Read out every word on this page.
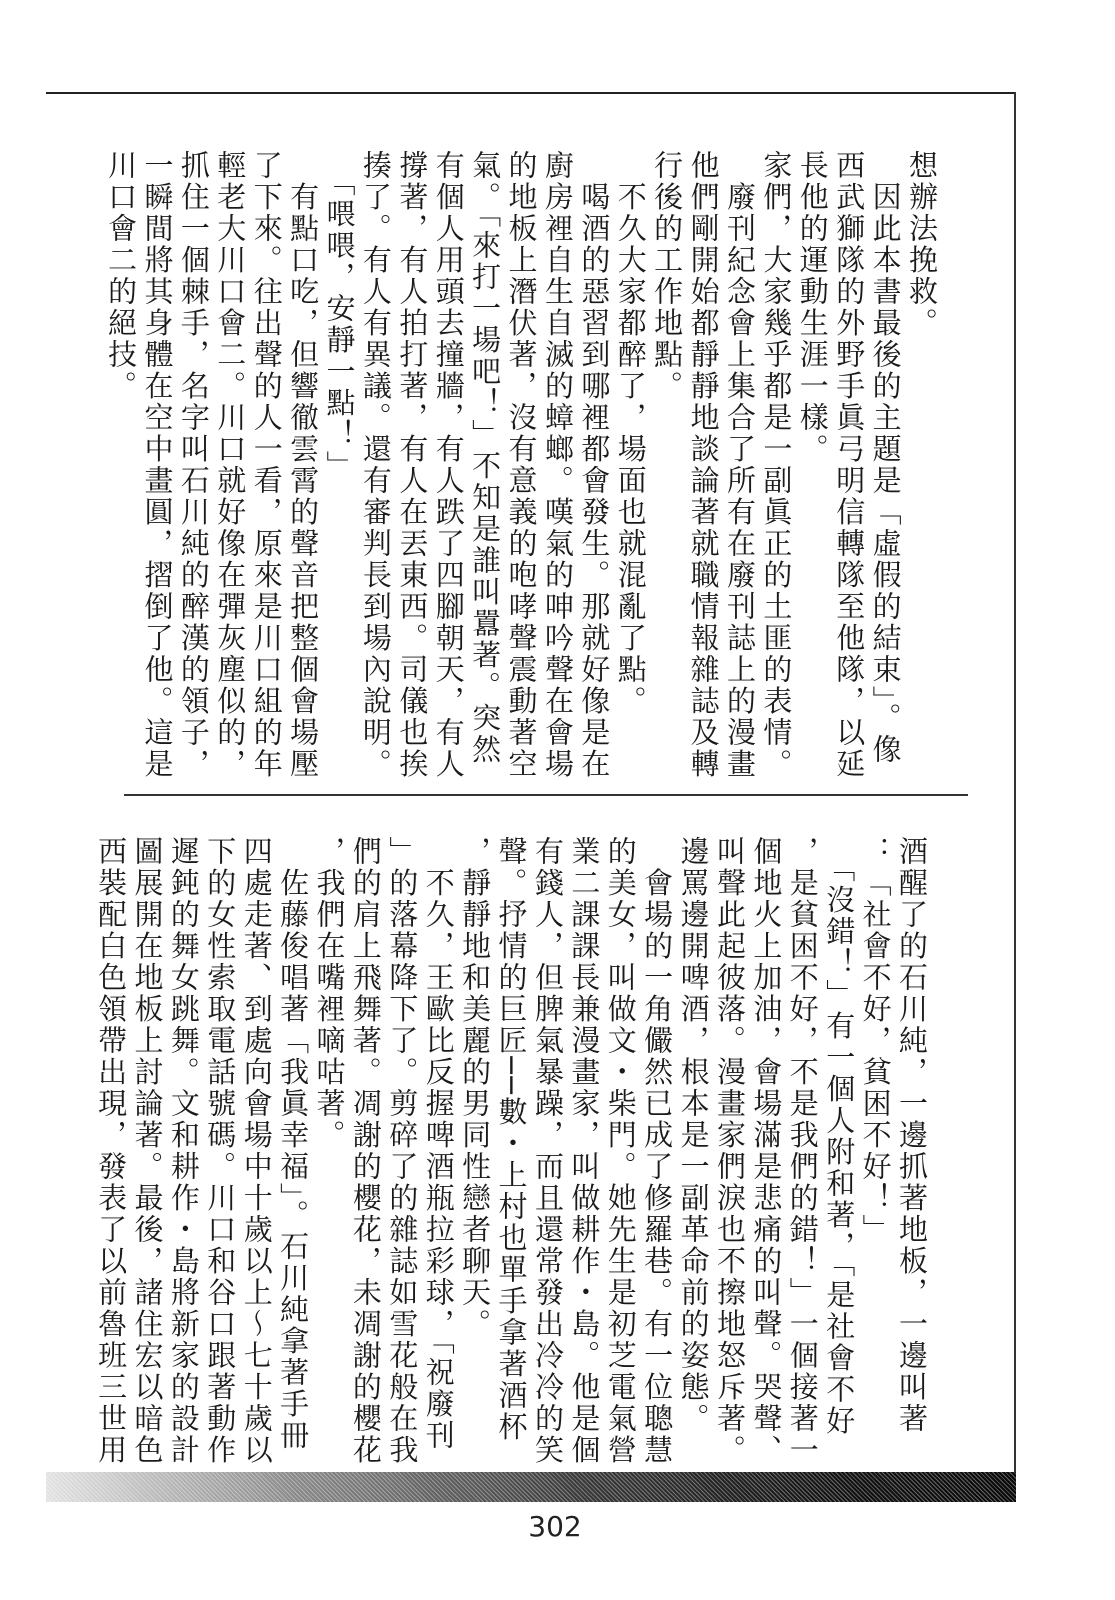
想辦法挽救。
　因此本書最後的主題是「虛假的結束」。像
西武獅隊的外野手眞弓明信轉隊至他隊，以延
長他的運動生涯一樣。
家們，大家幾乎都是一副眞正的土匪的表情。
　廢刊紀念會上集合了所有在廢刊誌上的漫畫
他們剛開始都靜靜地談論著就職情報雜誌及轉
行後的工作地點。
　不久大家都醉了，場面也就混亂了點。
　喝酒的惡習到哪裡都會發生。那就好像是在
廚房裡自生自滅的蟑螂。嘆氣的呻吟聲在會場
的地板上潛伏著，沒有意義的咆哮聲震動著空
氣。「來打一場吧！」不知是誰叫囂著。突然
有個人用頭去撞牆，有人跌了四腳朝天，有人
撐著，有人拍打著，有人在丟東西。司儀也挨
揍了。有人有異議。還有審判長到場內說明。
　「喂喂，安靜一點！」
　有點口吃，但響徹雲霄的聲音把整個會場壓
了下來。往出聲的人一看，原來是川口組的年
輕老大川口會二。川口就好像在彈灰塵似的，
抓住一個棘手，名字叫石川純的醉漢的領子，
一瞬間將其身體在空中畫圓，摺倒了他。這是
川口會二的絕技。
酒醒了的石川純，一邊抓著地板，一邊叫著
：「社會不好，貧困不好！」
　「沒錯！」有一個人附和著，「是社會不好
，是貧困不好，不是我們的錯！」一個接著一
個地火上加油，會場滿是悲痛的叫聲。哭聲、
叫聲此起彼落。漫畫家們淚也不擦地怒斥著。
邊罵邊開啤酒，根本是一副革命前的姿態。
　會場的一角儼然已成了修羅巷。有一位聰慧
的美女，叫做文・柴門。她先生是初芝電氣營
業二課課長兼漫畫家，叫做耕作・島。他是個
有錢人，但脾氣暴躁，而且還常發出冷冷的笑
聲。抒情的巨匠──數・上村也單手拿著酒杯
，靜靜地和美麗的男同性戀者聊天。
　不久，王歐比反握啤酒瓶拉彩球，「祝廢刊
」的落幕降下了。剪碎了的雜誌如雪花般在我
們的肩上飛舞著。凋謝的櫻花，未凋謝的櫻花
，我們在嘴裡嘀咕著。
　佐藤俊唱著「我眞幸福」。石川純拿著手冊
四處走著、到處向會場中十歲以上～七十歲以
下的女性索取電話號碼。川口和谷口跟著動作
遲鈍的舞女跳舞。文和耕作・島將新家的設計
圖展開在地板上討論著。最後，諸住宏以暗色
西裝配白色領帶出現，發表了以前魯班三世用
302
